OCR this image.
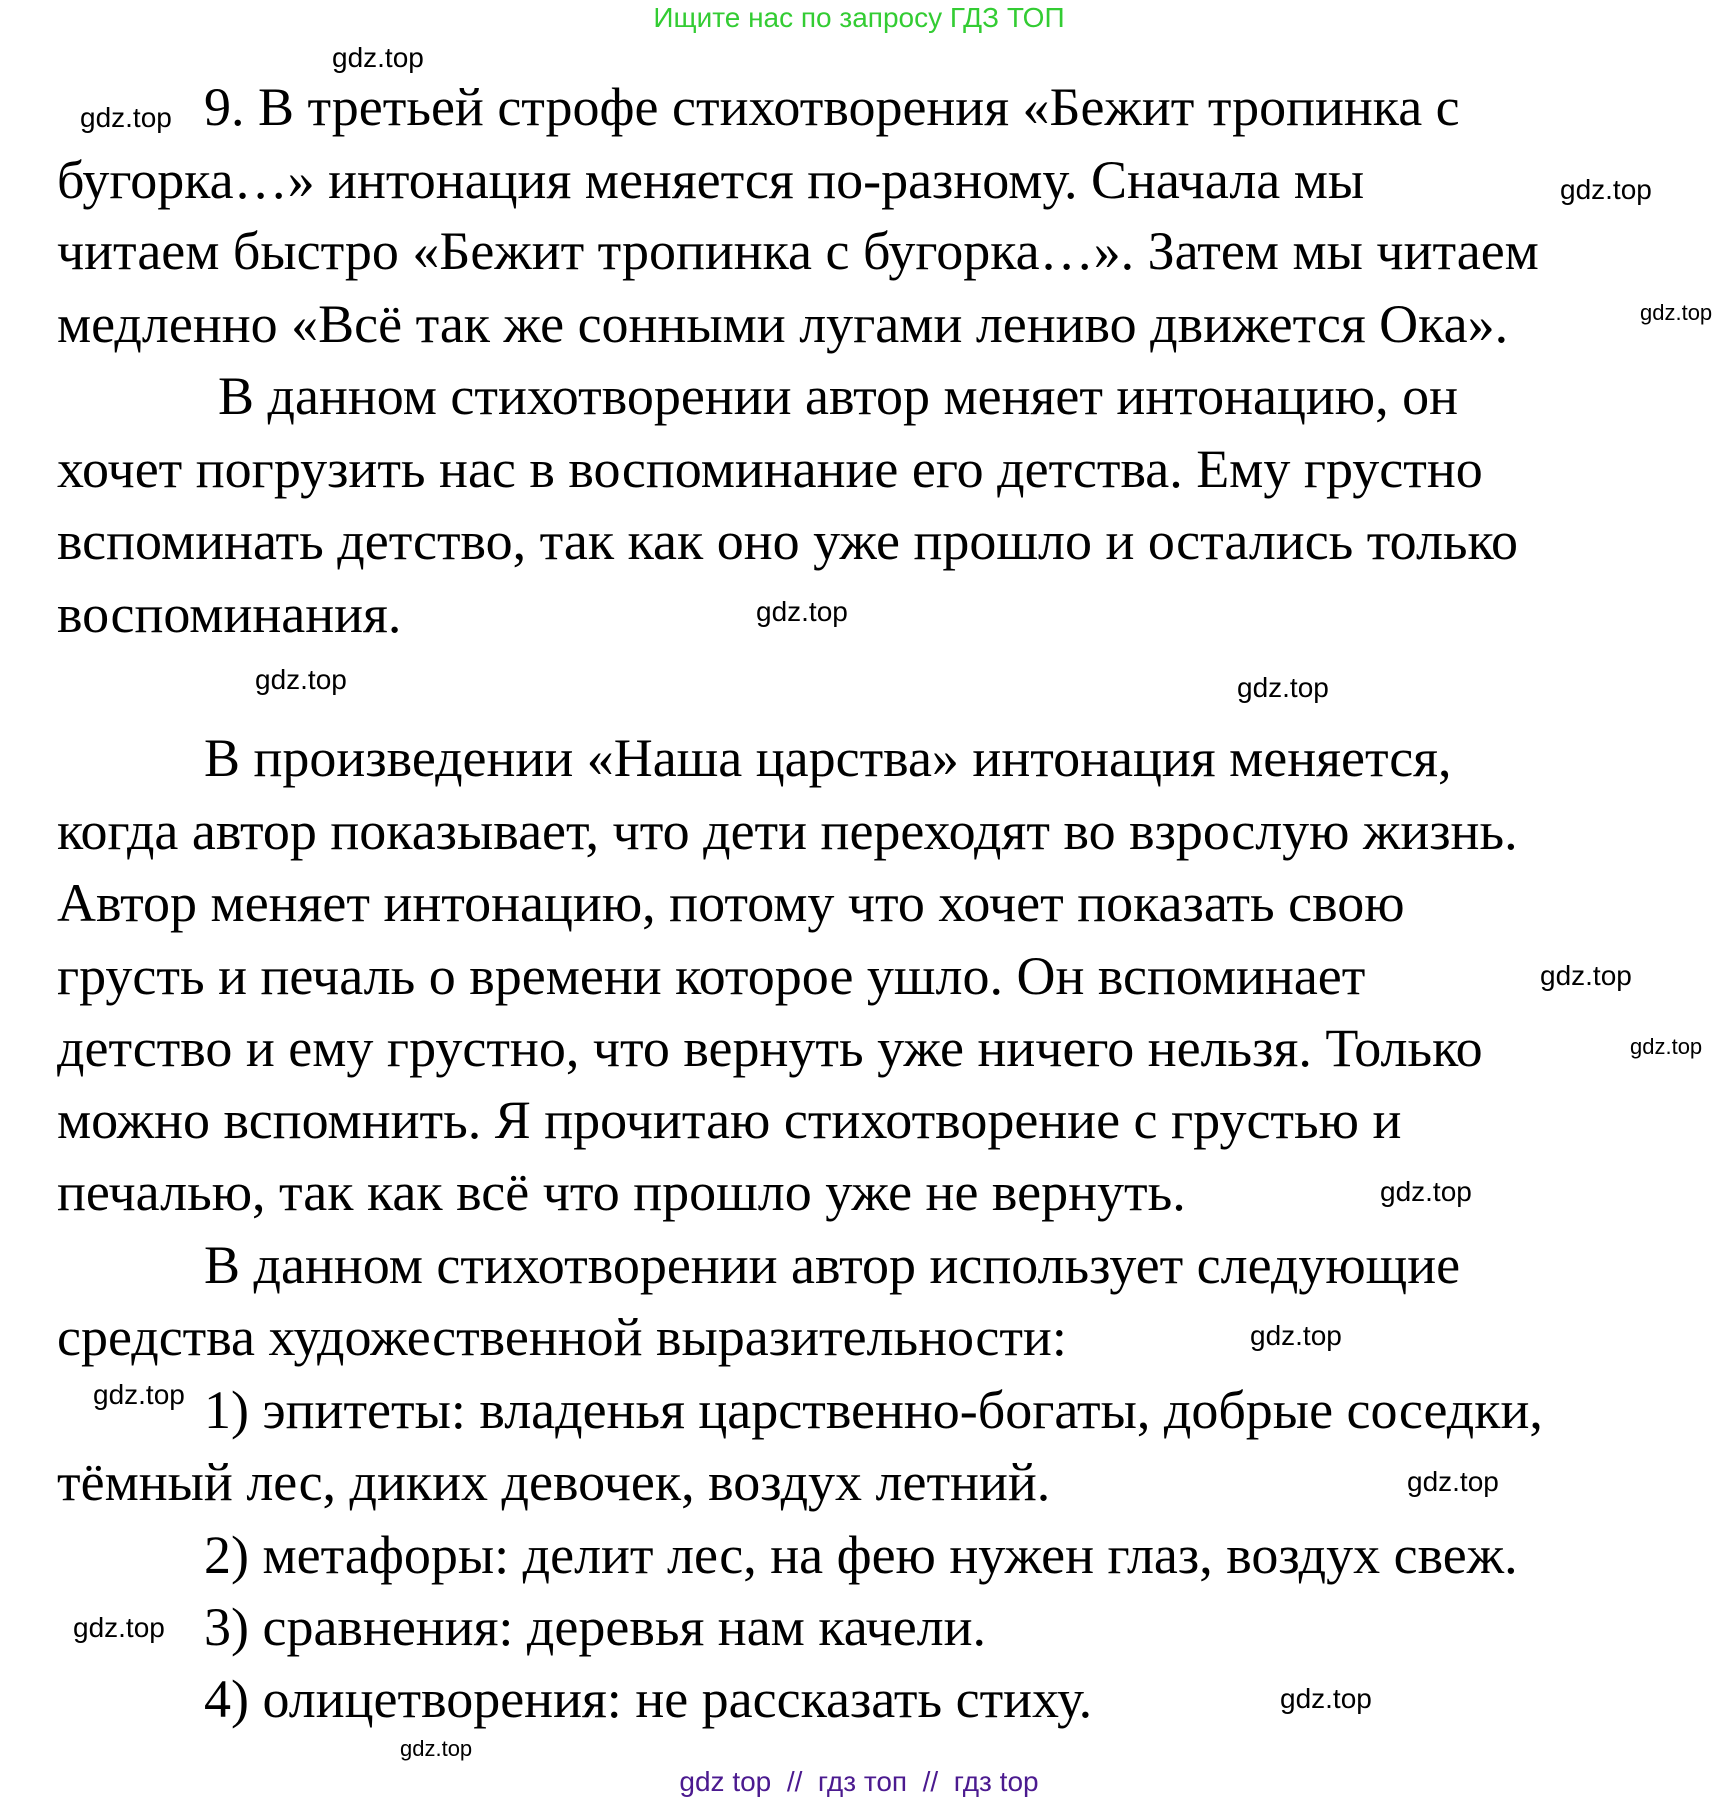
Ищите нас по запросу ГДЗ ТОП
9. В третьей строфе стихотворения «Бежит тропинка с
бугорка…» интонация меняется по-разному. Сначала мы
читаем быстро «Бежит тропинка с бугорка…». Затем мы читаем
медленно «Всё так же сонными лугами лениво движется Ока».
В данном стихотворении автор меняет интонацию, он
хочет погрузить нас в воспоминание его детства. Ему грустно
вспоминать детство, так как оно уже прошло и остались только
воспоминания.
В произведении «Наша царства» интонация меняется,
когда автор показывает, что дети переходят во взрослую жизнь.
Автор меняет интонацию, потому что хочет показать свою
грусть и печаль о времени которое ушло. Он вспоминает
детство и ему грустно, что вернуть уже ничего нельзя. Только
можно вспомнить. Я прочитаю стихотворение с грустью и
печалью, так как всё что прошло уже не вернуть.
В данном стихотворении автор использует следующие
средства художественной выразительности:
1) эпитеты: владенья царственно-богаты, добрые соседки,
тёмный лес, диких девочек, воздух летний.
2) метафоры: делит лес, на фею нужен глаз, воздух свеж.
3) сравнения: деревья нам качели.
4) олицетворения: не рассказать стиху.
gdz.top
gdz.top
gdz.top
gdz.top
gdz.top
gdz.top	gdz.top
gdz.top
gdz.top
gdz.top
gdz.top
gdz.top
gdz.top
gdz.top
gdz.top
gdz.top
gdz top  //  гдз топ  //  гдз top
